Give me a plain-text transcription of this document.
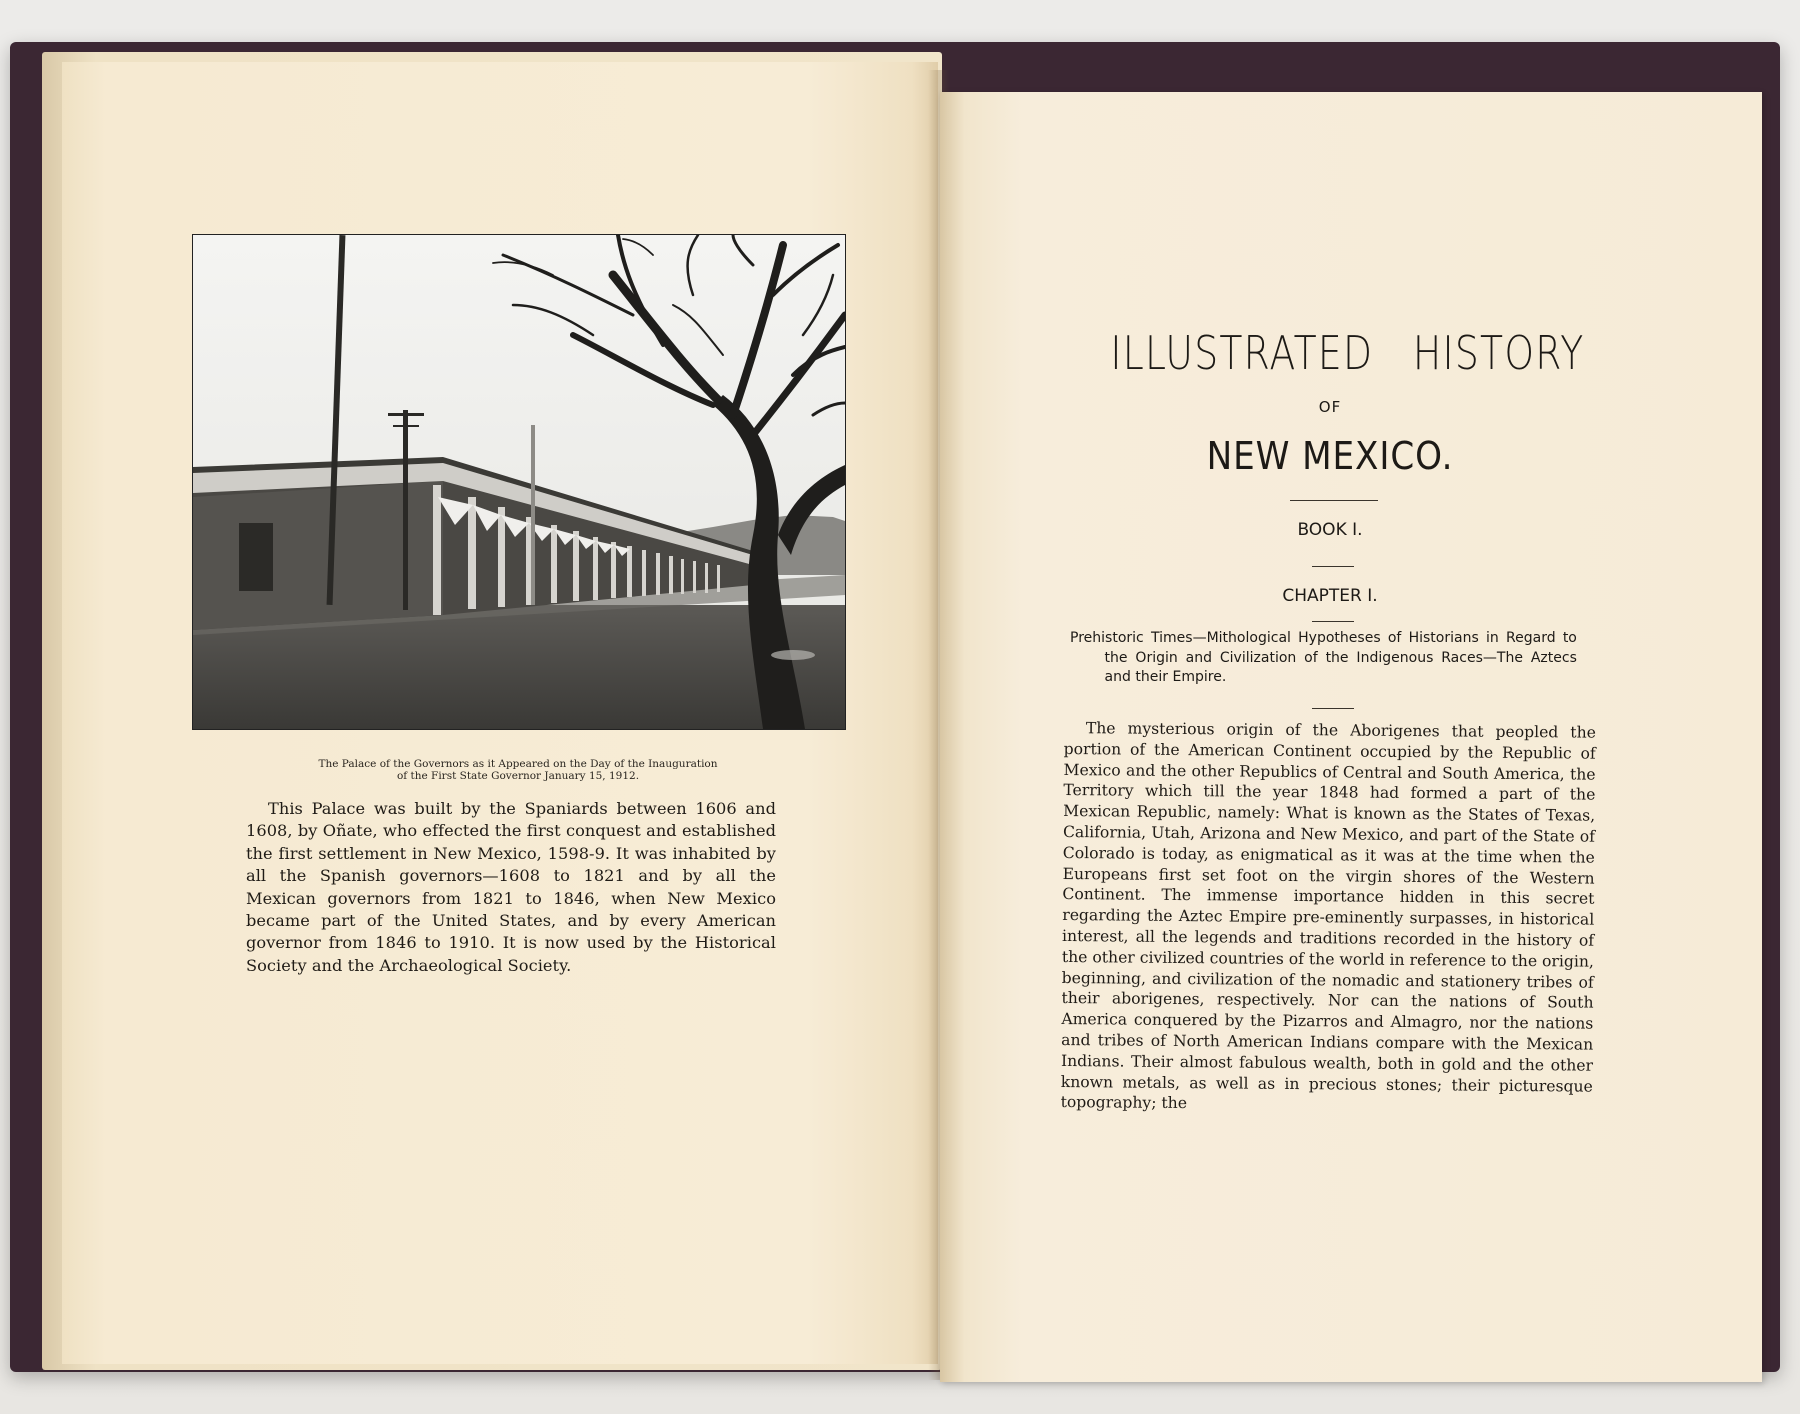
The Palace of the Governors as it Appeared on the Day of the Inauguration
of the First State Governor January 15, 1912.
This Palace was built by the Spaniards between 1606 and 1608, by Oñate, who effected the first conquest and established the first settlement in New Mexico, 1598-9. It was inhabited by all the Spanish governors—1608 to 1821 and by all the Mexican governors from 1821 to 1846, when New Mexico became part of the United States, and by every American governor from 1846 to 1910. It is now used by the Historical Society and the Archaeological Society.
ILLUSTRATED   HISTORY
OF
NEW MEXICO.
BOOK I.
CHAPTER I.
Prehistoric Times—Mithological Hypotheses of Historians in Regard to the Origin and Civilization of the Indigenous Races—The Aztecs and their Empire.
The mysterious origin of the Aborigenes that peopled the portion of the American Continent occupied by the Republic of Mexico and the other Republics of Central and South America, the Territory which till the year 1848 had formed a part of the Mexican Republic, namely: What is known as the States of Texas, California, Utah, Arizona and New Mexico, and part of the State of Colorado is today, as enigmatical as it was at the time when the Europeans first set foot on the virgin shores of the Western Continent. The immense importance hidden in this secret regarding the Aztec Empire pre-eminently surpasses, in historical interest, all the legends and traditions recorded in the history of the other civilized countries of the world in reference to the origin, beginning, and civilization of the nomadic and stationery tribes of their aborigenes, respectively. Nor can the nations of South America conquered by the Pizarros and Almagro, nor the nations and tribes of North American Indians compare with the Mexican Indians. Their almost fabulous wealth, both in gold and the other known metals, as well as in precious stones; their picturesque topography; the
